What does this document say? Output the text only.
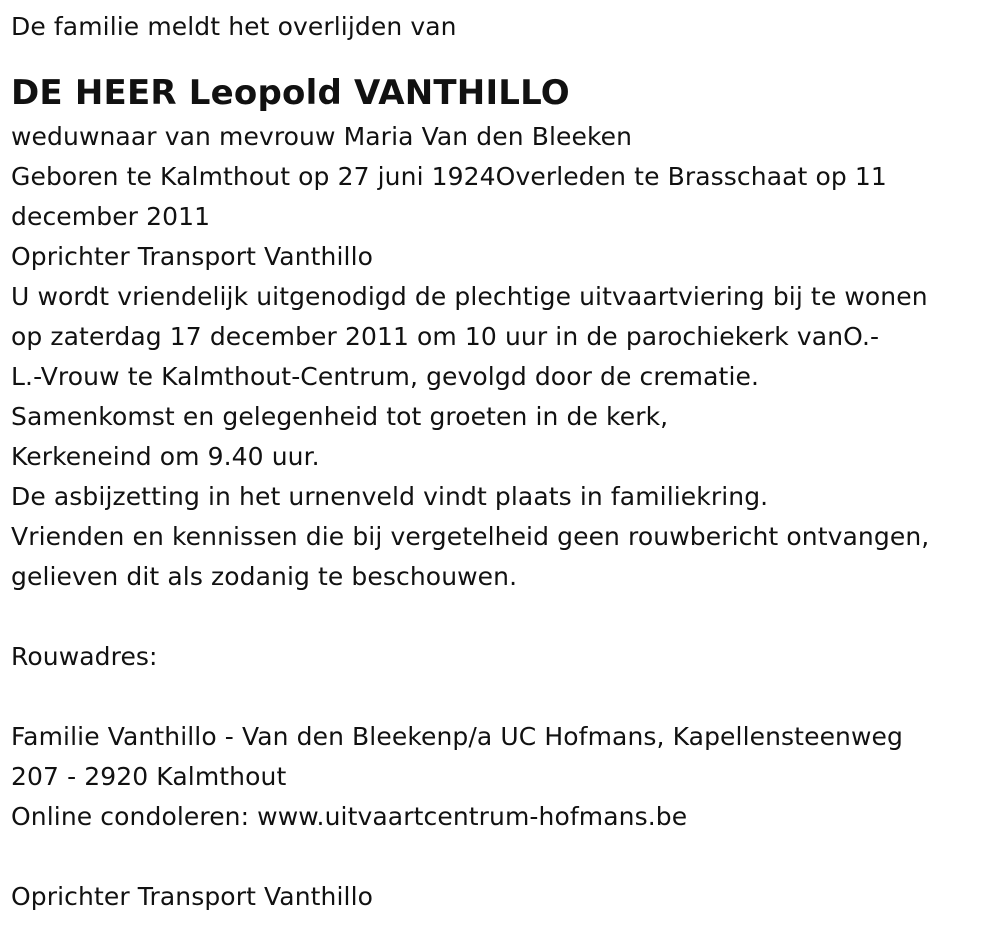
De familie meldt het overlijden van
DE HEER Leopold VANTHILLO
weduwnaar van mevrouw Maria Van den Bleeken
Geboren te Kalmthout op 27 juni 1924Overleden te Brasschaat op 11
december 2011
Oprichter Transport Vanthillo
U wordt vriendelijk uitgenodigd de plechtige uitvaartviering bij te wonen
op zaterdag 17 december 2011 om 10 uur in de parochiekerk vanO.-
L.-Vrouw te Kalmthout-Centrum, gevolgd door de crematie.
Samenkomst en gelegenheid tot groeten in de kerk,
Kerkeneind om 9.40 uur.
De asbijzetting in het urnenveld vindt plaats in familiekring.
Vrienden en kennissen die bij vergetelheid geen rouwbericht ontvangen,
gelieven dit als zodanig te beschouwen.
Rouwadres:
Familie Vanthillo - Van den Bleekenp/a UC Hofmans, Kapellensteenweg
207 - 2920 Kalmthout
Online condoleren: www.uitvaartcentrum-hofmans.be
Oprichter Transport Vanthillo
